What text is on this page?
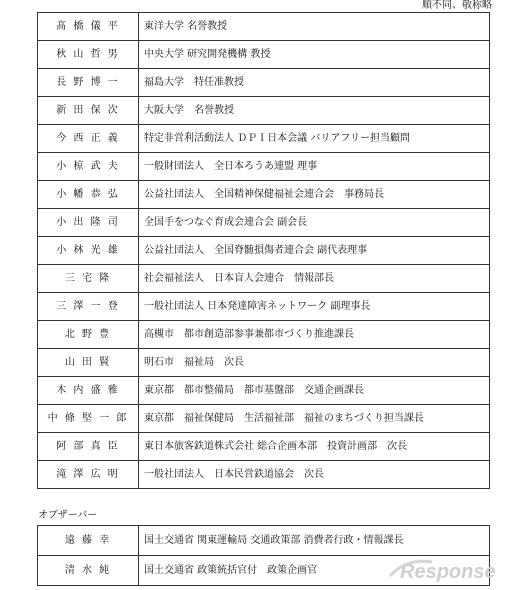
順不同、敬称略
髙 橋 儀 平	東洋大学 名誉教授
秋 山 哲 男	中央大学 研究開発機構 教授
長 野 博 一	福島大学　特任准教授
新 田 保 次	大阪大学　名誉教授
今 西 正 義	特定非営利活動法人 ＤＰＩ日本会議 バリアフリー担当顧問
小 椋 武 夫	一般財団法人　全日本ろうあ連盟 理事
小 幡 恭 弘	公益社団法人　全国精神保健福祉会連合会　事務局長
小 出 隆 司	全国手をつなぐ育成会連合会 副会長
小 林 光 雄	公益社団法人　全国脊髄損傷者連合会 副代表理事
三 宅 隆	社会福祉法人　日本盲人会連合　情報部長
三 澤 一 登	一般社団法人 日本発達障害ネットワーク 副理事長
北 野 豊	高槻市　都市創造部参事兼都市づくり推進課長
山 田 賢	明石市　福祉局　次長
木 内 盛 雅	東京都　都市整備局　都市基盤部　交通企画課長
中 條 堅 一 郎	東京都　福祉保健局　生活福祉部　福祉のまちづくり担当課長
阿 部 真 臣	東日本旅客鉄道株式会社 総合企画本部　投資計画部　次長
滝 澤 広 明	一般社団法人　日本民営鉄道協会　次長
オブザーバー
遠 藤 幸	国土交通省 関東運輸局 交通政策部 消費者行政・情報課長
清 水 純	国土交通省 政策統括官付　政策企画官	Response
